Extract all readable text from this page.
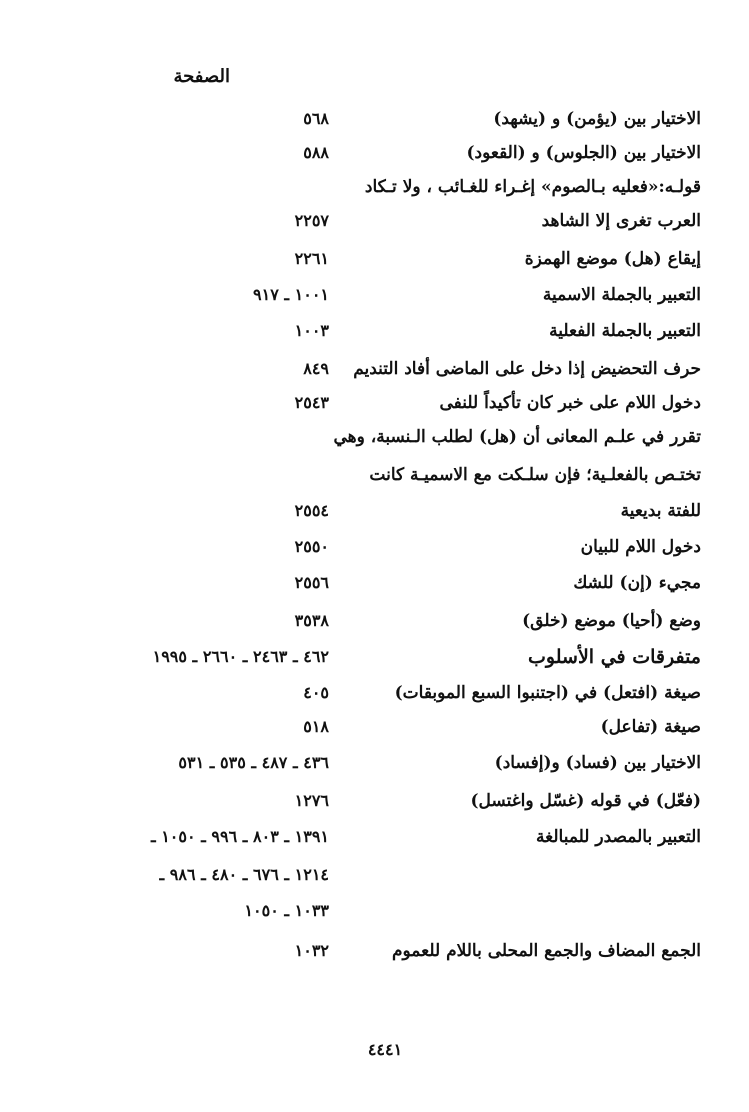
الصفحة
الاختيار بين (يؤمن) و (يشهد)
٥٦٨
الاختيار بين (الجلوس) و (القعود)
٥٨٨
قولـه:«فعليه بـالصوم» إغـراء للغـائب ، ولا تـكاد
العرب تغرى إلا الشاهد
٢٢٥٧
إيقاع (هل) موضع الهمزة
٢٢٦١
التعبير بالجملة الاسمية
١٠٠١ ـ ٩١٧
التعبير بالجملة الفعلية
١٠٠٣
حرف التحضيض إذا دخل على الماضى أفاد التنديم
٨٤٩
دخول اللام على خبر كان تأكيداً للنفى
٢٥٤٣
تقرر في علـم المعانى أن (هل) لطلب الـنسبة، وهي
تختـص بالفعلـية؛ فإن سلـكت مع الاسميـة كانت
للفتة بديعية
٢٥٥٤
دخول اللام للبيان
٢٥٥٠
مجيء (إن) للشك
٢٥٥٦
وضع (أحيا) موضع (خلق)
٣٥٣٨
متفرقات في الأسلوب
٤٦٢ ـ ٢٤٦٣ ـ ٢٦٦٠ ـ ١٩٩٥
صيغة (افتعل) في (اجتنبوا السبع الموبقات)
٤٠٥
صيغة (تفاعل)
٥١٨
الاختيار بين (فساد) و(إفساد)
٤٣٦ ـ ٤٨٧ ـ ٥٣٥ ـ ٥٣١
(فعّل) في قوله (غسّل واغتسل)
١٢٧٦
التعبير بالمصدر للمبالغة
١٣٩١ ـ ٨٠٣ ـ ٩٩٦ ـ ١٠٥٠ ـ
١٢١٤ ـ ٦٧٦ ـ ٤٨٠ ـ ٩٨٦ ـ
١٠٣٣ ـ ١٠٥٠
الجمع المضاف والجمع المحلى باللام للعموم
١٠٣٢
٤٤٤١
